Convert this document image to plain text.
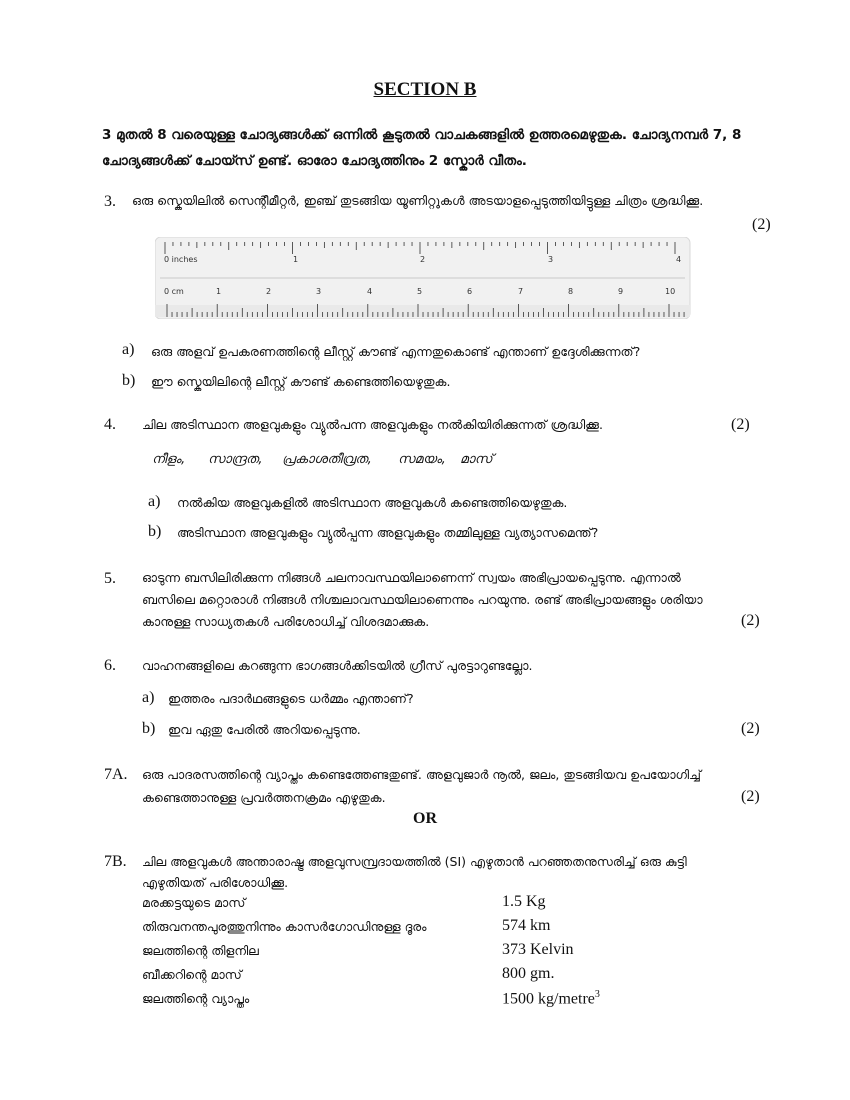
SECTION B
3 മുതൽ 8 വരെയുള്ള ചോദ്യങ്ങൾക്ക് ഒന്നിൽ കൂടുതൽ വാചകങ്ങളിൽ ഉത്തരമെഴുതുക. ചോദ്യനമ്പർ 7, 8 ചോദ്യങ്ങൾക്ക് ചോയ്സ് ഉണ്ട്. ഓരോ ചോദ്യത്തിനും 2 സ്കോർ വീതം.
3. ഒരു സ്കെയിലിൽ സെന്റീമീറ്റർ, ഇഞ്ച് തുടങ്ങിയ യൂണിറ്റുകൾ അടയാളപ്പെടുത്തിയിട്ടുള്ള ചിത്രം ശ്രദ്ധിക്കൂ.
(2)
0 inches
0 cm
1	2	3	4
1	2	3	4	5	6	7	8	9	10
a) ഒരു അളവ് ഉപകരണത്തിന്റെ ലീസ്റ്റ് കൗണ്ട് എന്നതുകൊണ്ട് എന്താണ് ഉദ്ദേശിക്കുന്നത്?
b) ഈ സ്കെയിലിന്റെ ലീസ്റ്റ് കൗണ്ട് കണ്ടെത്തിയെഴുതുക.
4. ചില അടിസ്ഥാന അളവുകളും വ്യുൽപന്ന അളവുകളും നൽകിയിരിക്കുന്നത് ശ്രദ്ധിക്കൂ.	(2)
നീളം, സാന്ദ്രത, പ്രകാശതീവ്രത, സമയം, മാസ്
a) നൽകിയ അളവുകളിൽ അടിസ്ഥാന അളവുകൾ കണ്ടെത്തിയെഴുതുക.
b) അടിസ്ഥാന അളവുകളും വ്യുൽപ്പന്ന അളവുകളും തമ്മിലുള്ള വ്യത്യാസമെന്ത്?
5. ഓടുന്ന ബസിലിരിക്കുന്ന നിങ്ങൾ ചലനാവസ്ഥയിലാണെന്ന് സ്വയം അഭിപ്രായപ്പെടുന്നു. എന്നാൽ
ബസിലെ മറ്റൊരാൾ നിങ്ങൾ നിശ്ചലാവസ്ഥയിലാണെന്നും പറയുന്നു. രണ്ട് അഭിപ്രായങ്ങളും ശരിയാ
കാനുള്ള സാധ്യതകൾ പരിശോധിച്ച് വിശദമാക്കുക.	(2)
6. വാഹനങ്ങളിലെ കറങ്ങുന്ന ഭാഗങ്ങൾക്കിടയിൽ ഗ്രീസ് പുരട്ടാറുണ്ടല്ലോ.
a) ഇത്തരം പദാർഥങ്ങളുടെ ധർമ്മം എന്താണ്?
b) ഇവ ഏതു പേരിൽ അറിയപ്പെടുന്നു.	(2)
7A. ഒരു പാദരസത്തിന്റെ വ്യാപ്തം കണ്ടെത്തേണ്ടതുണ്ട്. അളവുജാർ നൂൽ, ജലം, തുടങ്ങിയവ ഉപയോഗിച്ച്
കണ്ടെത്താനുള്ള പ്രവർത്തനക്രമം എഴുതുക.	(2)
OR
7B. ചില അളവുകൾ അന്താരാഷ്ട്ര അളവുസമ്പ്രദായത്തിൽ (SI) എഴുതാൻ പറഞ്ഞതനുസരിച്ച് ഒരു കുട്ടി
എഴുതിയത് പരിശോധിക്കൂ.
മരക്കട്ടയുടെ മാസ്	1.5 Kg
തിരുവനന്തപുരത്തുനിന്നും കാസർഗോഡിനുള്ള ദൂരം	574 km
ജലത്തിന്റെ തിളനില	373 Kelvin
ബീക്കറിന്റെ മാസ്	800 gm.
ജലത്തിന്റെ വ്യാപ്തം	1500 kg/metre$^3$
